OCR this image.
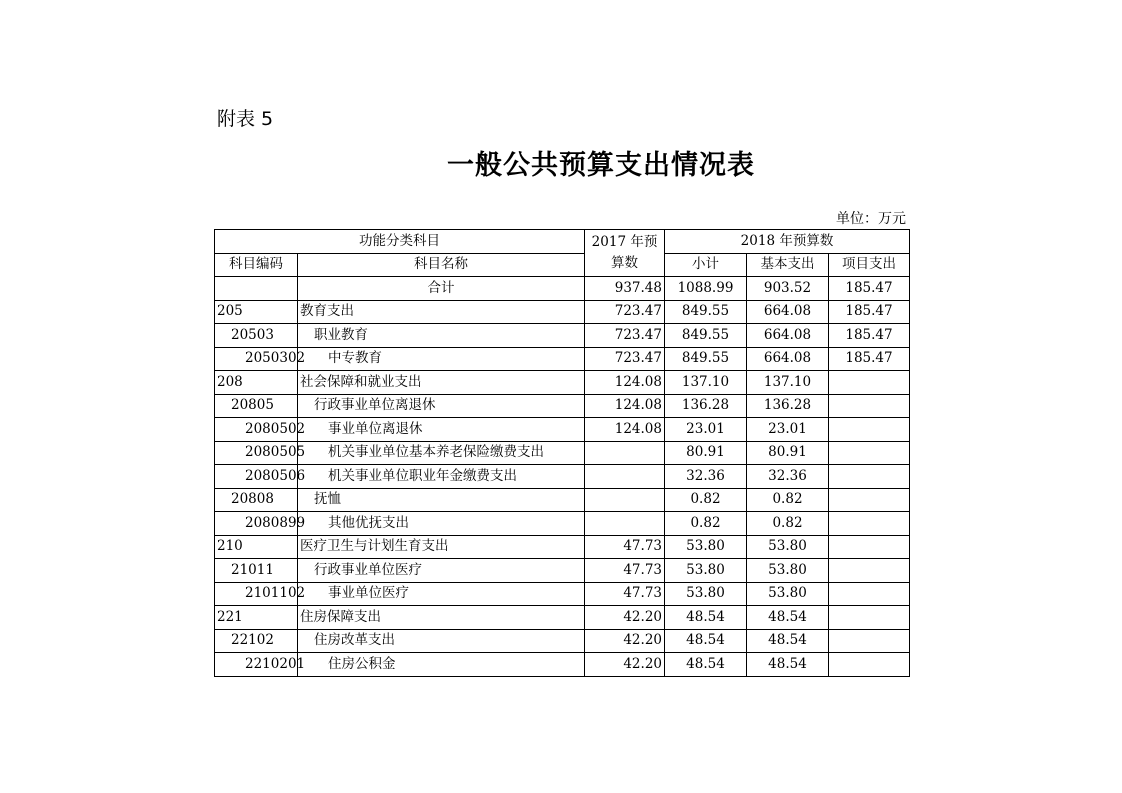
附表 5
一般公共预算支出情况表
单位：万元
功能分类科目		2017 年预算数	2018 年预算数		
科目编码	科目名称		小计	基本支出	项目支出
	合计	937.48	1088.99	903.52	185.47
205	教育支出	723.47	849.55	664.08	185.47
20503	职业教育	723.47	849.55	664.08	185.47
2050302	中专教育	723.47	849.55	664.08	185.47
208	社会保障和就业支出	124.08	137.10	137.10	
20805	行政事业单位离退休	124.08	136.28	136.28	
2080502	事业单位离退休	124.08	23.01	23.01	
2080505	机关事业单位基本养老保险缴费支出		80.91	80.91	
2080506	机关事业单位职业年金缴费支出		32.36	32.36	
20808	抚恤		0.82	0.82	
2080899	其他优抚支出		0.82	0.82	
210	医疗卫生与计划生育支出	47.73	53.80	53.80	
21011	行政事业单位医疗	47.73	53.80	53.80	
2101102	事业单位医疗	47.73	53.80	53.80	
221	住房保障支出	42.20	48.54	48.54	
22102	住房改革支出	42.20	48.54	48.54	
2210201	住房公积金	42.20	48.54	48.54	
